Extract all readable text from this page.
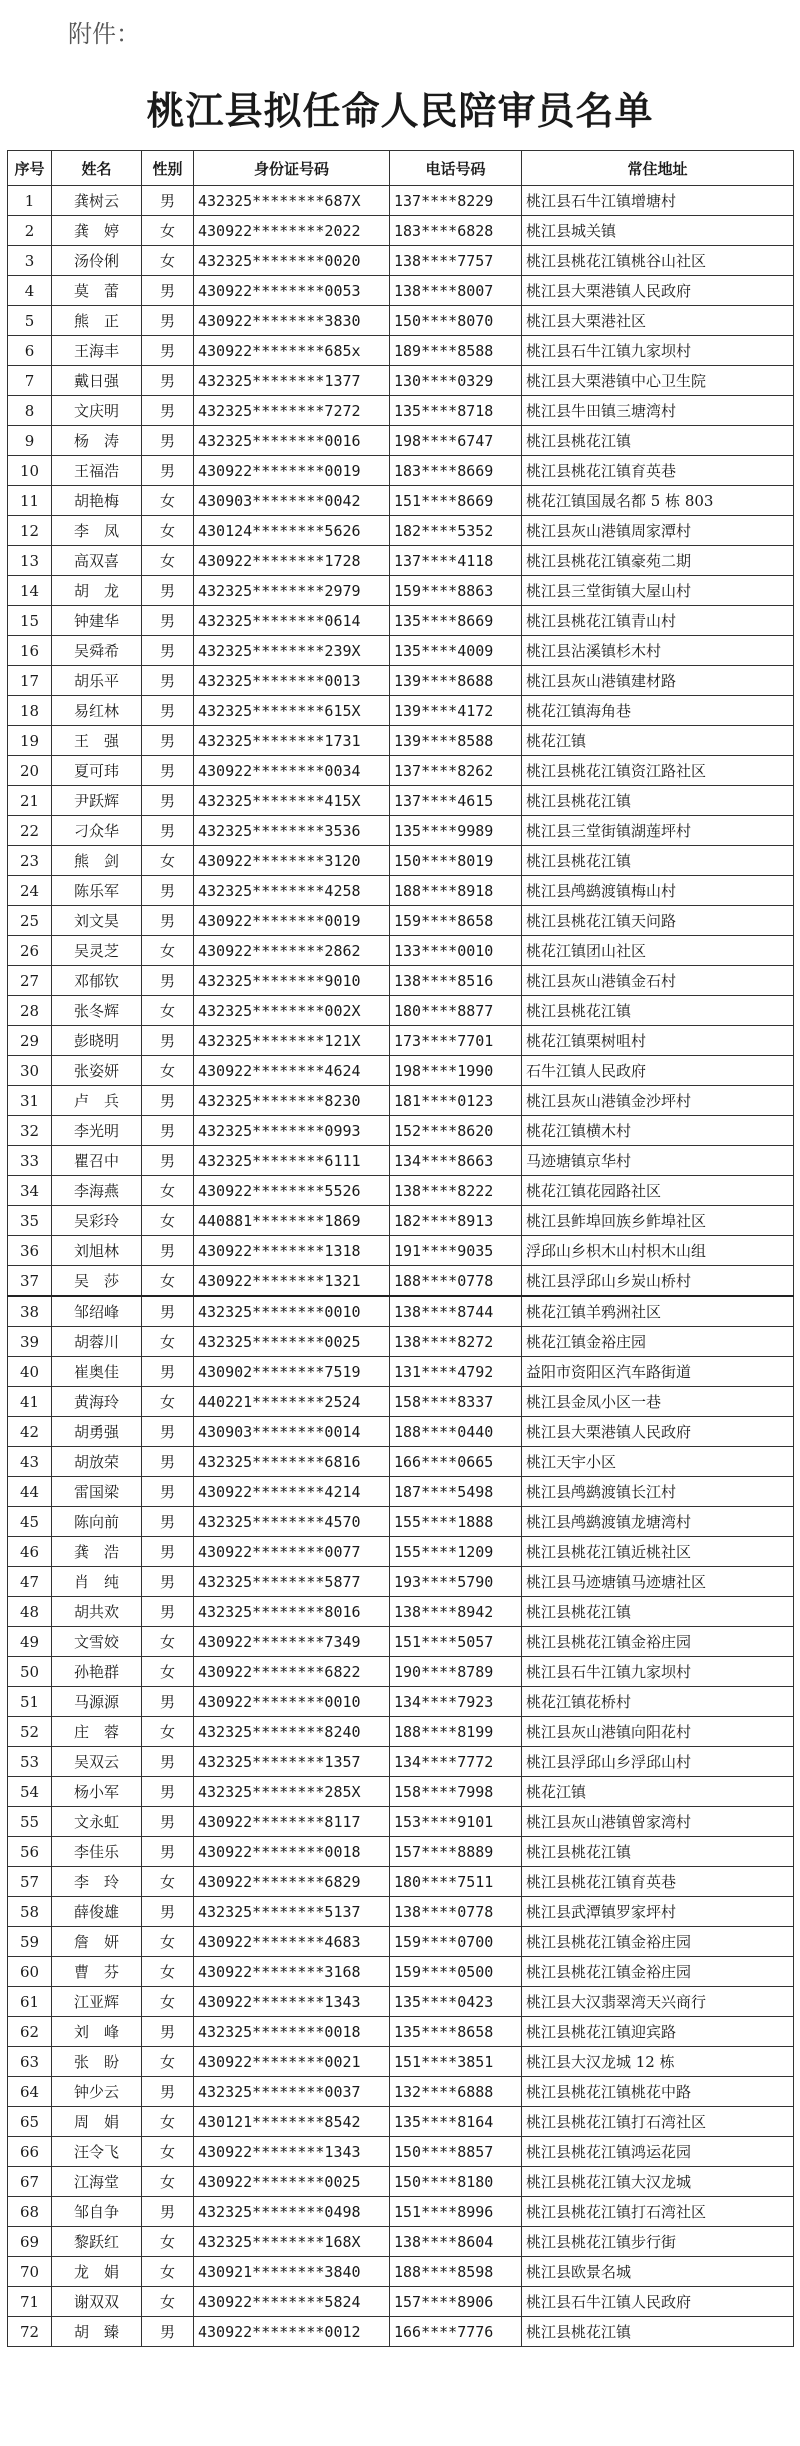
附件：
桃江县拟任命人民陪审员名单
序号	姓名	性别	身份证号码	电话号码	常住地址
1	龚树云	男	432325********687X	137****8229	桃江县石牛江镇增塘村
2	龚　婷	女	430922********2022	183****6828	桃江县城关镇
3	汤伶俐	女	432325********0020	138****7757	桃江县桃花江镇桃谷山社区
4	莫　蕾	男	430922********0053	138****8007	桃江县大栗港镇人民政府
5	熊　正	男	430922********3830	150****8070	桃江县大栗港社区
6	王海丰	男	430922********685x	189****8588	桃江县石牛江镇九家坝村
7	戴日强	男	432325********1377	130****0329	桃江县大栗港镇中心卫生院
8	文庆明	男	432325********7272	135****8718	桃江县牛田镇三塘湾村
9	杨　涛	男	432325********0016	198****6747	桃江县桃花江镇
10	王福浩	男	430922********0019	183****8669	桃江县桃花江镇育英巷
11	胡艳梅	女	430903********0042	151****8669	桃花江镇国晟名都 5 栋 803
12	李　凤	女	430124********5626	182****5352	桃江县灰山港镇周家潭村
13	高双喜	女	430922********1728	137****4118	桃江县桃花江镇豪苑二期
14	胡　龙	男	432325********2979	159****8863	桃江县三堂街镇大屋山村
15	钟建华	男	432325********0614	135****8669	桃江县桃花江镇青山村
16	吴舜希	男	432325********239X	135****4009	桃江县沾溪镇杉木村
17	胡乐平	男	432325********0013	139****8688	桃江县灰山港镇建材路
18	易红林	男	432325********615X	139****4172	桃花江镇海角巷
19	王　强	男	432325********1731	139****8588	桃花江镇
20	夏可玮	男	430922********0034	137****8262	桃江县桃花江镇资江路社区
21	尹跃辉	男	432325********415X	137****4615	桃江县桃花江镇
22	刁众华	男	432325********3536	135****9989	桃江县三堂街镇湖莲坪村
23	熊　剑	女	430922********3120	150****8019	桃江县桃花江镇
24	陈乐军	男	432325********4258	188****8918	桃江县鸬鹚渡镇梅山村
25	刘文昊	男	430922********0019	159****8658	桃江县桃花江镇天问路
26	吴灵芝	女	430922********2862	133****0010	桃花江镇团山社区
27	邓郁钦	男	432325********9010	138****8516	桃江县灰山港镇金石村
28	张冬辉	女	432325********002X	180****8877	桃江县桃花江镇
29	彭晓明	男	432325********121X	173****7701	桃花江镇栗树咀村
30	张姿妍	女	430922********4624	198****1990	石牛江镇人民政府
31	卢　兵	男	432325********8230	181****0123	桃江县灰山港镇金沙坪村
32	李光明	男	432325********0993	152****8620	桃花江镇横木村
33	瞿召中	男	432325********6111	134****8663	马迹塘镇京华村
34	李海燕	女	430922********5526	138****8222	桃花江镇花园路社区
35	吴彩玲	女	440881********1869	182****8913	桃江县鲊埠回族乡鲊埠社区
36	刘旭林	男	430922********1318	191****9035	浮邱山乡枳木山村枳木山组
37	吴　莎	女	430922********1321	188****0778	桃江县浮邱山乡炭山桥村
38	邹绍峰	男	432325********0010	138****8744	桃花江镇羊鸦洲社区
39	胡蓉川	女	432325********0025	138****8272	桃花江镇金裕庄园
40	崔奥佳	男	430902********7519	131****4792	益阳市资阳区汽车路街道
41	黄海玲	女	440221********2524	158****8337	桃江县金凤小区一巷
42	胡勇强	男	430903********0014	188****0440	桃江县大栗港镇人民政府
43	胡放荣	男	432325********6816	166****0665	桃江天宇小区
44	雷国梁	男	430922********4214	187****5498	桃江县鸬鹚渡镇长江村
45	陈向前	男	432325********4570	155****1888	桃江县鸬鹚渡镇龙塘湾村
46	龚　浩	男	430922********0077	155****1209	桃江县桃花江镇近桃社区
47	肖　纯	男	432325********5877	193****5790	桃江县马迹塘镇马迹塘社区
48	胡共欢	男	432325********8016	138****8942	桃江县桃花江镇
49	文雪姣	女	430922********7349	151****5057	桃江县桃花江镇金裕庄园
50	孙艳群	女	430922********6822	190****8789	桃江县石牛江镇九家坝村
51	马源源	男	430922********0010	134****7923	桃花江镇花桥村
52	庄　蓉	女	432325********8240	188****8199	桃江县灰山港镇向阳花村
53	吴双云	男	432325********1357	134****7772	桃江县浮邱山乡浮邱山村
54	杨小军	男	432325********285X	158****7998	桃花江镇
55	文永虹	男	430922********8117	153****9101	桃江县灰山港镇曾家湾村
56	李佳乐	男	430922********0018	157****8889	桃江县桃花江镇
57	李　玲	女	430922********6829	180****7511	桃江县桃花江镇育英巷
58	薛俊雄	男	432325********5137	138****0778	桃江县武潭镇罗家坪村
59	詹　妍	女	430922********4683	159****0700	桃江县桃花江镇金裕庄园
60	曹　芬	女	430922********3168	159****0500	桃江县桃花江镇金裕庄园
61	江亚辉	女	430922********1343	135****0423	桃江县大汉翡翠湾天兴商行
62	刘　峰	男	432325********0018	135****8658	桃江县桃花江镇迎宾路
63	张　盼	女	430922********0021	151****3851	桃江县大汉龙城 12 栋
64	钟少云	男	432325********0037	132****6888	桃江县桃花江镇桃花中路
65	周　娟	女	430121********8542	135****8164	桃江县桃花江镇打石湾社区
66	汪令飞	女	430922********1343	150****8857	桃江县桃花江镇鸿运花园
67	江海堂	女	430922********0025	150****8180	桃江县桃花江镇大汉龙城
68	邹自争	男	432325********0498	151****8996	桃江县桃花江镇打石湾社区
69	黎跃红	女	432325********168X	138****8604	桃江县桃花江镇步行街
70	龙　娟	女	430921********3840	188****8598	桃江县欧景名城
71	谢双双	女	430922********5824	157****8906	桃江县石牛江镇人民政府
72	胡　臻	男	430922********0012	166****7776	桃江县桃花江镇
